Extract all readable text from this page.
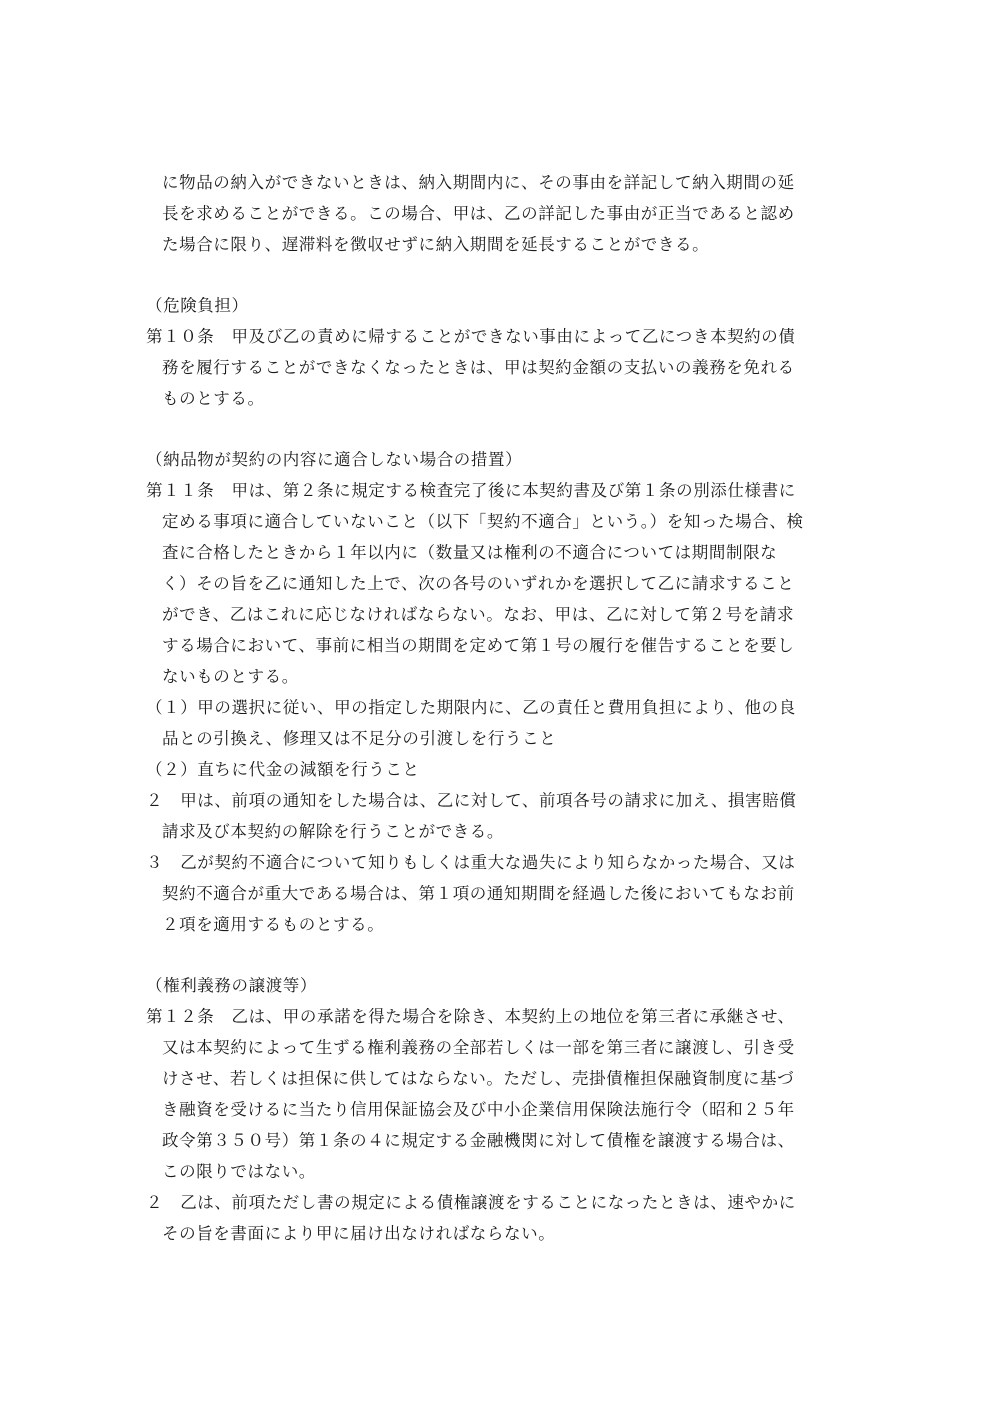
に物品の納入ができないときは、納入期間内に、その事由を詳記して納入期間の延
長を求めることができる。この場合、甲は、乙の詳記した事由が正当であると認め
た場合に限り、遅滞料を徴収せずに納入期間を延長することができる。
（危険負担）
第１０条　甲及び乙の責めに帰することができない事由によって乙につき本契約の債
務を履行することができなくなったときは、甲は契約金額の支払いの義務を免れる
ものとする。
（納品物が契約の内容に適合しない場合の措置）
第１１条　甲は、第２条に規定する検査完了後に本契約書及び第１条の別添仕様書に
定める事項に適合していないこと（以下「契約不適合」という。）を知った場合、検
査に合格したときから１年以内に（数量又は権利の不適合については期間制限な
く）その旨を乙に通知した上で、次の各号のいずれかを選択して乙に請求すること
ができ、乙はこれに応じなければならない。なお、甲は、乙に対して第２号を請求
する場合において、事前に相当の期間を定めて第１号の履行を催告することを要し
ないものとする。
（１）甲の選択に従い、甲の指定した期限内に、乙の責任と費用負担により、他の良
品との引換え、修理又は不足分の引渡しを行うこと
（２）直ちに代金の減額を行うこと
２　甲は、前項の通知をした場合は、乙に対して、前項各号の請求に加え、損害賠償
請求及び本契約の解除を行うことができる。
３　乙が契約不適合について知りもしくは重大な過失により知らなかった場合、又は
契約不適合が重大である場合は、第１項の通知期間を経過した後においてもなお前
２項を適用するものとする。
（権利義務の譲渡等）
第１２条　乙は、甲の承諾を得た場合を除き、本契約上の地位を第三者に承継させ、
又は本契約によって生ずる権利義務の全部若しくは一部を第三者に譲渡し、引き受
けさせ、若しくは担保に供してはならない。ただし、売掛債権担保融資制度に基づ
き融資を受けるに当たり信用保証協会及び中小企業信用保険法施行令（昭和２５年
政令第３５０号）第１条の４に規定する金融機関に対して債権を譲渡する場合は、
この限りではない。
２　乙は、前項ただし書の規定による債権譲渡をすることになったときは、速やかに
その旨を書面により甲に届け出なければならない。
